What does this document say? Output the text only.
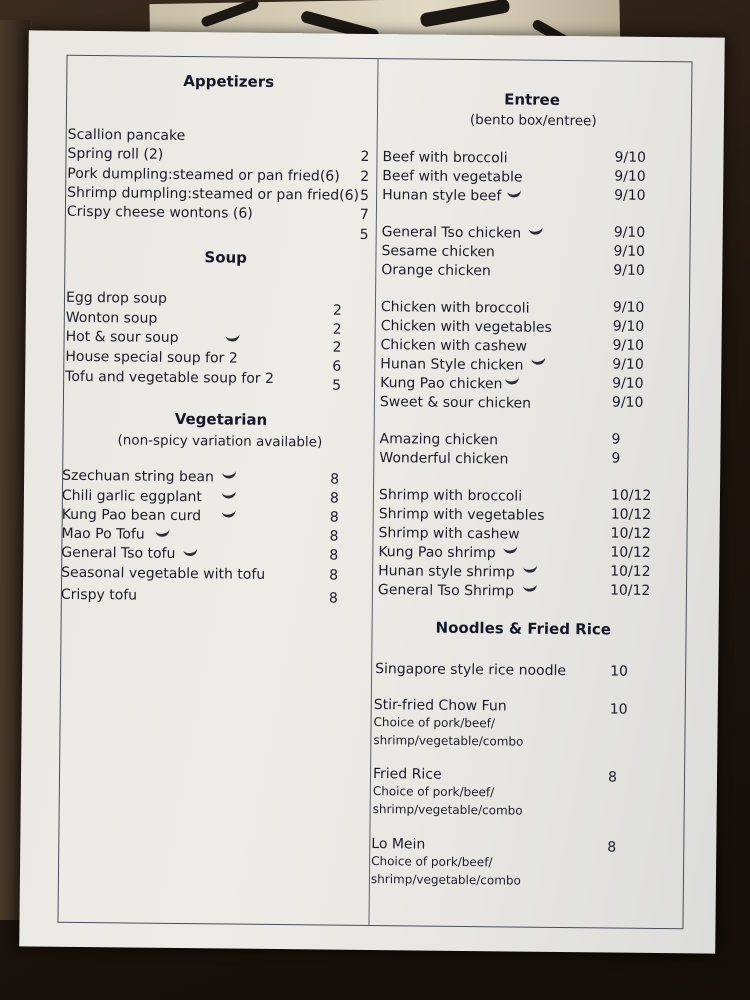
Appetizers
Scallion pancake
Spring roll (2)
Pork dumpling:steamed or pan fried(6)
Shrimp dumpling:steamed or pan fried(6)
Crispy cheese wontons (6)
2
2
5
7
5
Soup
Egg drop soup
Wonton soup
Hot & sour soup
House special soup for 2
Tofu and vegetable soup for 2
2
2
2
6
5
Vegetarian
(non-spicy variation available)
Szechuan string bean
Chili garlic eggplant
Kung Pao bean curd
Mao Po Tofu
General Tso tofu
Seasonal vegetable with tofu
Crispy tofu
8
8
8
8
8
8
8
Entree
(bento box/entree)
Beef with broccoli
Beef with vegetable
Hunan style beef
General Tso chicken
Sesame chicken
Orange chicken
Chicken with broccoli
Chicken with vegetables
Chicken with cashew
Hunan Style chicken
Kung Pao chicken
Sweet & sour chicken
Amazing chicken
Wonderful chicken
Shrimp with broccoli
Shrimp with vegetables
Shrimp with cashew
Kung Pao shrimp
Hunan style shrimp
General Tso Shrimp
9/10
9/10
9/10
9/10
9/10
9/10
9/10
9/10
9/10
9/10
9/10
9/10
9
9
10/12
10/12
10/12
10/12
10/12
10/12
Noodles & Fried Rice
Singapore style rice noodle	10
Stir-fried Chow Fun
Choice of pork/beef/
shrimp/vegetable/combo
10
Fried Rice
Choice of pork/beef/
shrimp/vegetable/combo
8
Lo Mein
Choice of pork/beef/
shrimp/vegetable/combo
8
